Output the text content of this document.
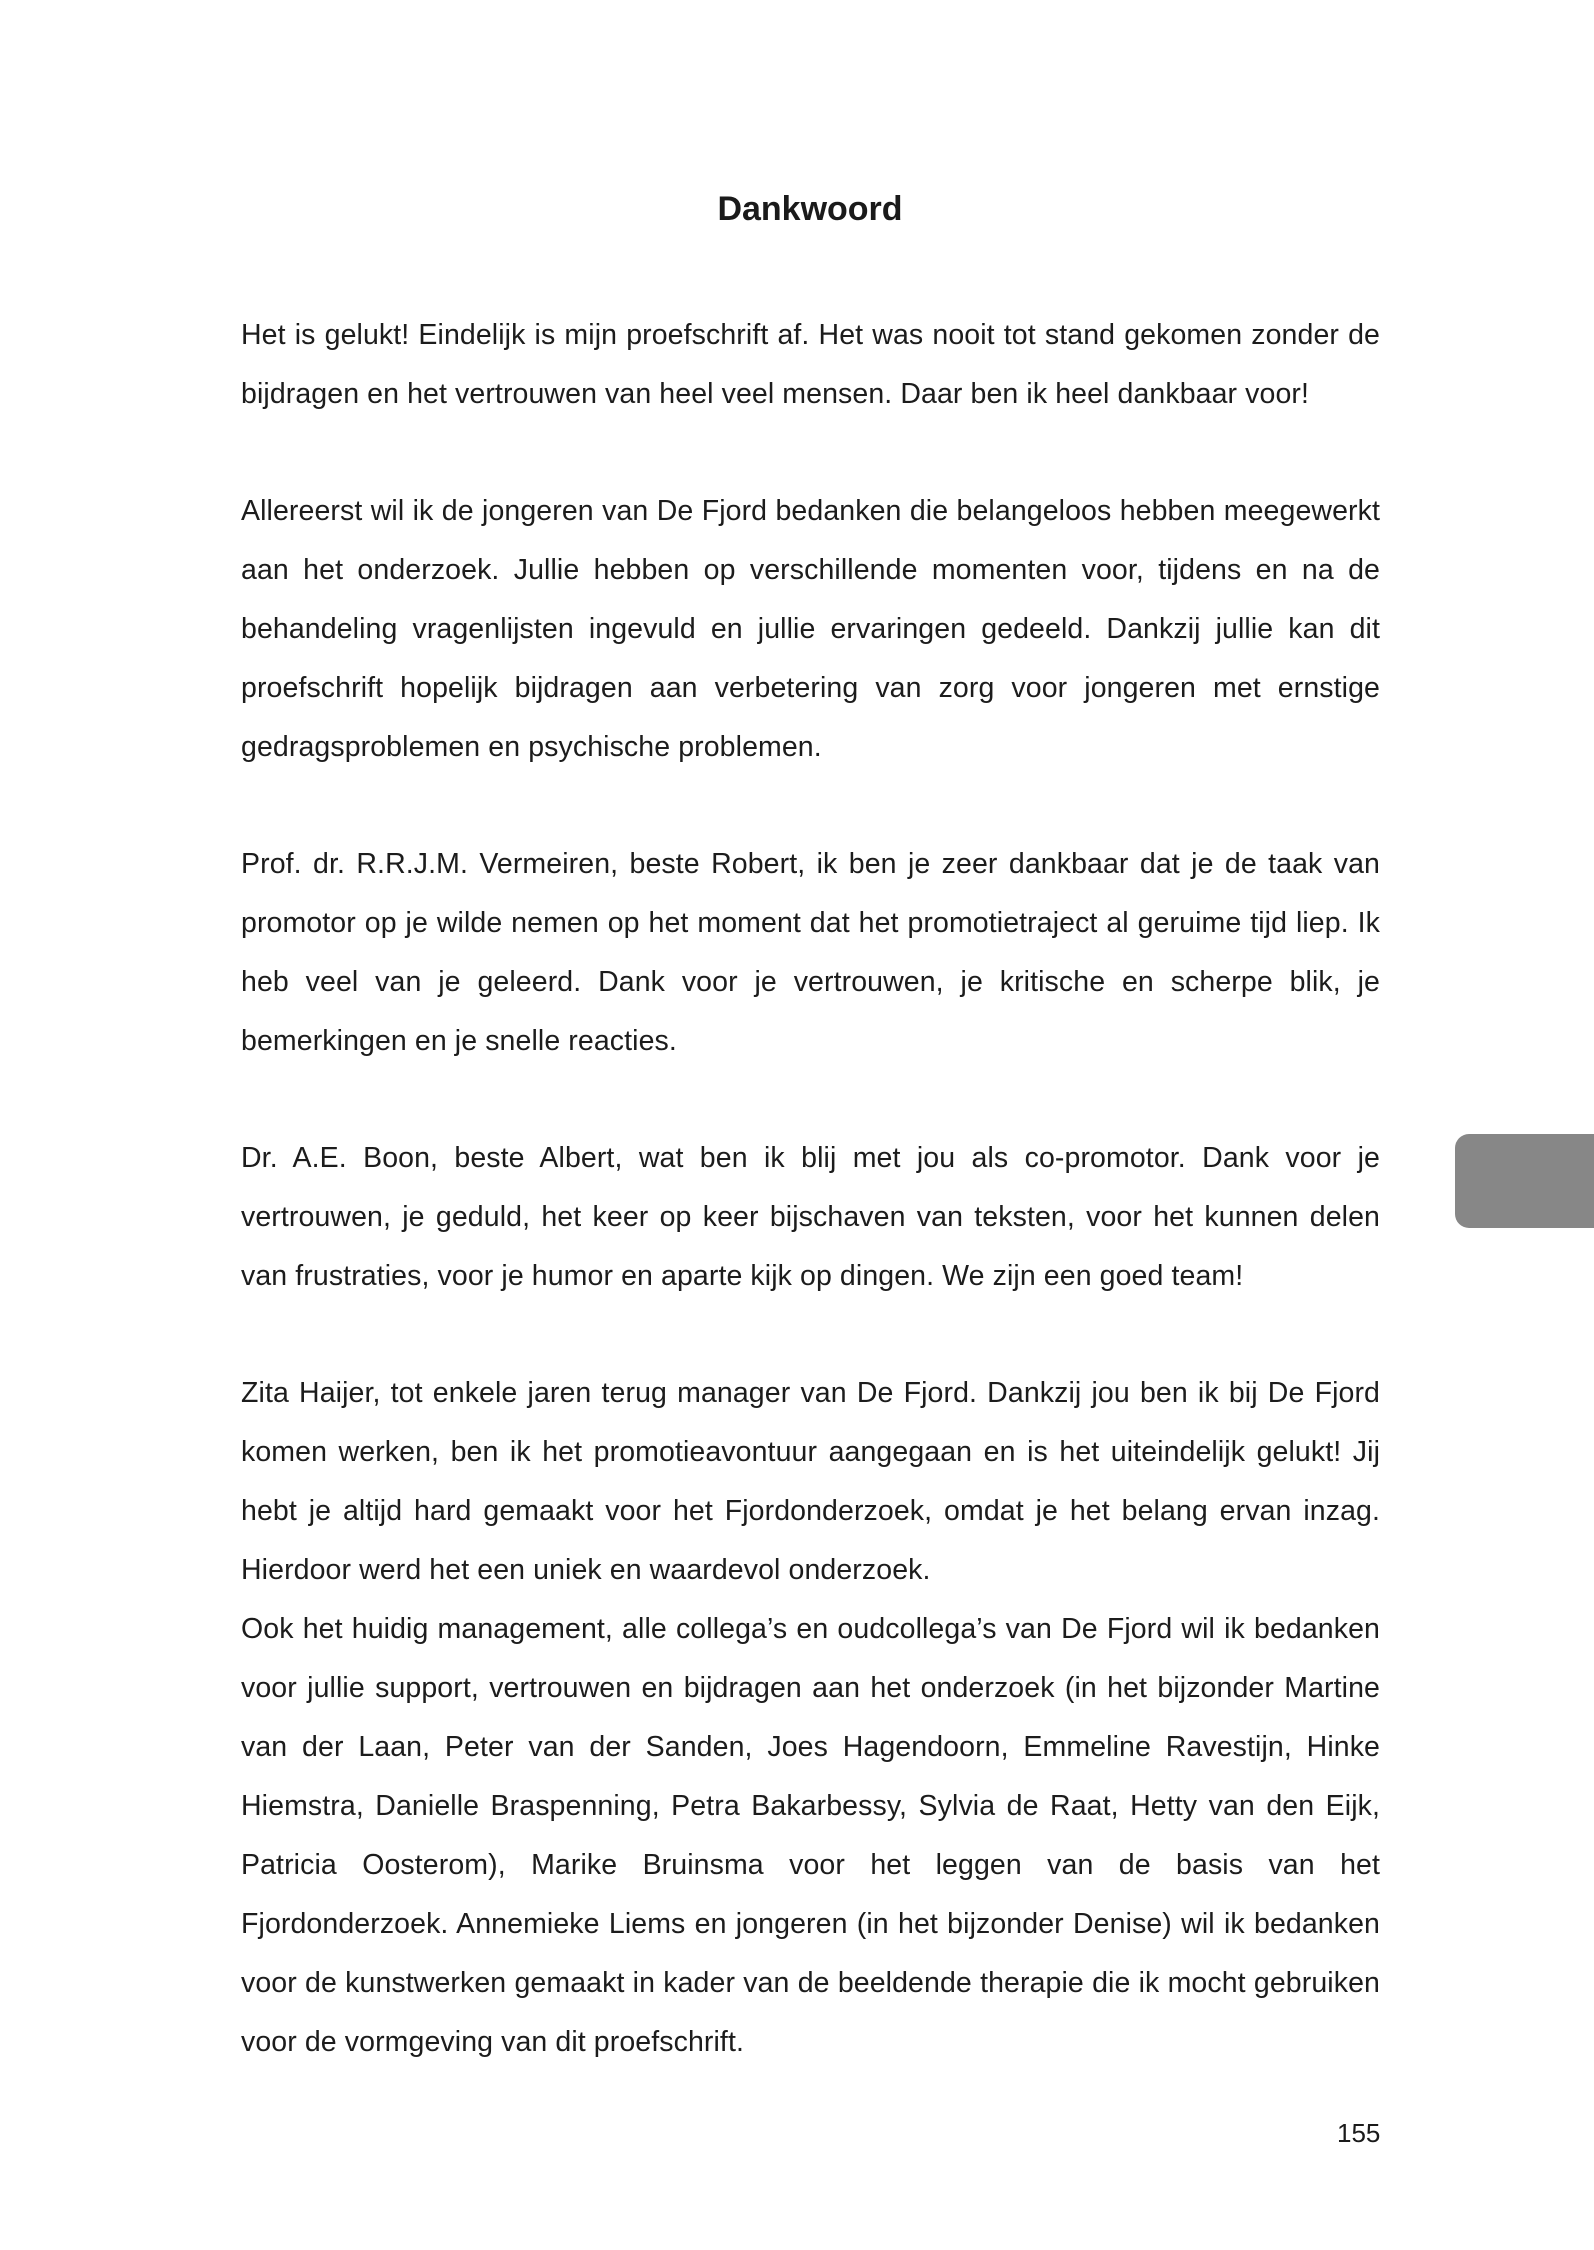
Dankwoord

Het is gelukt! Eindelijk is mijn proefschrift af. Het was nooit tot stand gekomen zonder de bijdragen en het vertrouwen van heel veel mensen. Daar ben ik heel dankbaar voor!

Allereerst wil ik de jongeren van De Fjord bedanken die belangeloos hebben meegewerkt aan het onderzoek. Jullie hebben op verschillende momenten voor, tijdens en na de behandeling vragenlijsten ingevuld en jullie ervaringen gedeeld. Dankzij jullie kan dit proefschrift hopelijk bijdragen aan verbetering van zorg voor jongeren met ernstige gedragsproblemen en psychische problemen.

Prof. dr. R.R.J.M. Vermeiren, beste Robert, ik ben je zeer dankbaar dat je de taak van promotor op je wilde nemen op het moment dat het promotietraject al geruime tijd liep. Ik heb veel van je geleerd. Dank voor je vertrouwen, je kritische en scherpe blik, je bemerkingen en je snelle reacties.

Dr. A.E. Boon, beste Albert, wat ben ik blij met jou als co-promotor. Dank voor je vertrouwen, je geduld, het keer op keer bijschaven van teksten, voor het kunnen delen van frustraties, voor je humor en aparte kijk op dingen. We zijn een goed team!

Zita Haijer, tot enkele jaren terug manager van De Fjord. Dankzij jou ben ik bij De Fjord komen werken, ben ik het promotieavontuur aangegaan en is het uiteindelijk gelukt! Jij hebt je altijd hard gemaakt voor het Fjordonderzoek, omdat je het belang ervan inzag. Hierdoor werd het een uniek en waardevol onderzoek.

Ook het huidig management, alle collega’s en oudcollega’s van De Fjord wil ik bedanken voor jullie support, vertrouwen en bijdragen aan het onderzoek (in het bijzonder Martine van der Laan, Peter van der Sanden, Joes Hagendoorn, Emmeline Ravestijn, Hinke Hiemstra, Danielle Braspenning, Petra Bakarbessy, Sylvia de Raat, Hetty van den Eijk, Patricia Oosterom), Marike Bruinsma voor het leggen van de basis van het Fjordonderzoek. Annemieke Liems en jongeren (in het bijzonder Denise) wil ik bedanken voor de kunstwerken gemaakt in kader van de beeldende therapie die ik mocht gebruiken voor de vormgeving van dit proefschrift.

155
